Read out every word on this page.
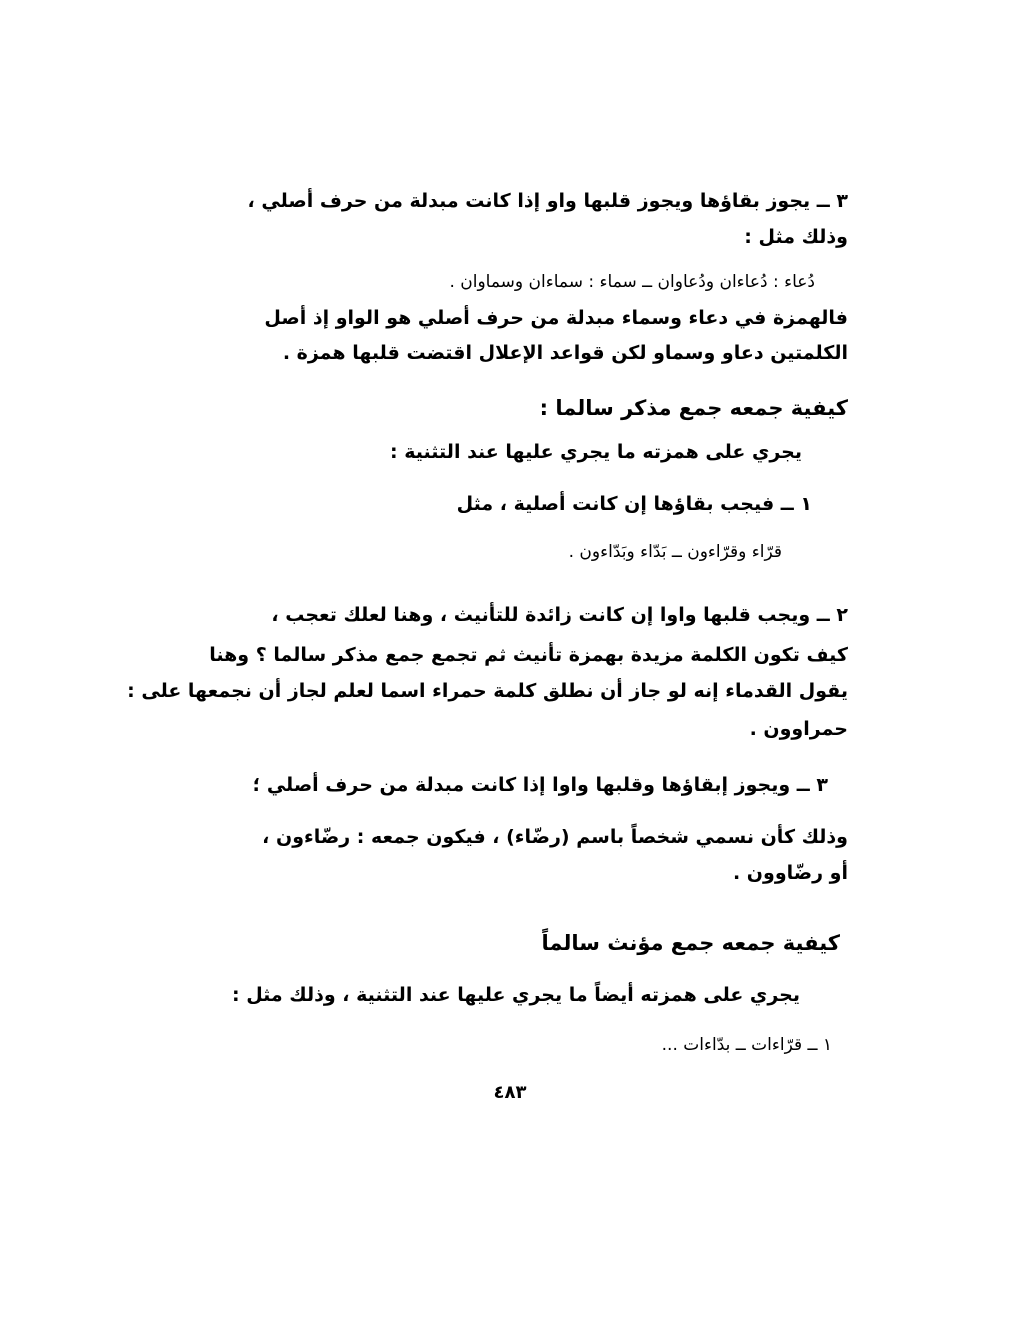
٣ ــ يجوز بقاؤها ويجوز قلبها واو إذا كانت مبدلة من حرف أصلي ،
وذلك مثل :
دُعاء : دُعاءان ودُعاوان ــ سماء : سماءان وسماوان .
فالهمزة في دعاء وسماء مبدلة من حرف أصلي هو الواو إذ أصل
الكلمتين دعاو وسماو لكن قواعد الإعلال اقتضت قلبها همزة .
كيفية جمعه جمع مذكر سالما :
يجري على همزته ما يجري عليها عند التثنية :
١ ــ فيجب بقاؤها إن كانت أصلية ، مثل
قرّاء وقرّاءون ــ بَدّاء وبَدّاءون .
٢ ــ ويجب قلبها واوا إن كانت زائدة للتأنيث ، وهنا لعلك تعجب ،
كيف تكون الكلمة مزيدة بهمزة تأنيث ثم تجمع جمع مذكر سالما ؟ وهنا
يقول القدماء إنه لو جاز أن نطلق كلمة حمراء اسما لعلم لجاز أن نجمعها على :
حمراوون .
٣ ــ ويجوز إبقاؤها وقلبها واوا إذا كانت مبدلة من حرف أصلي ؛
وذلك كأن نسمي شخصاً باسم (رضّاء) ، فيكون جمعه : رضّاءون ،
أو رضّاوون .
كيفية جمعه جمع مؤنث سالماً
يجري على همزته أيضاً ما يجري عليها عند التثنية ، وذلك مثل :
١ ــ قرّاءات ــ بدّاءات ...
٤٨٣
